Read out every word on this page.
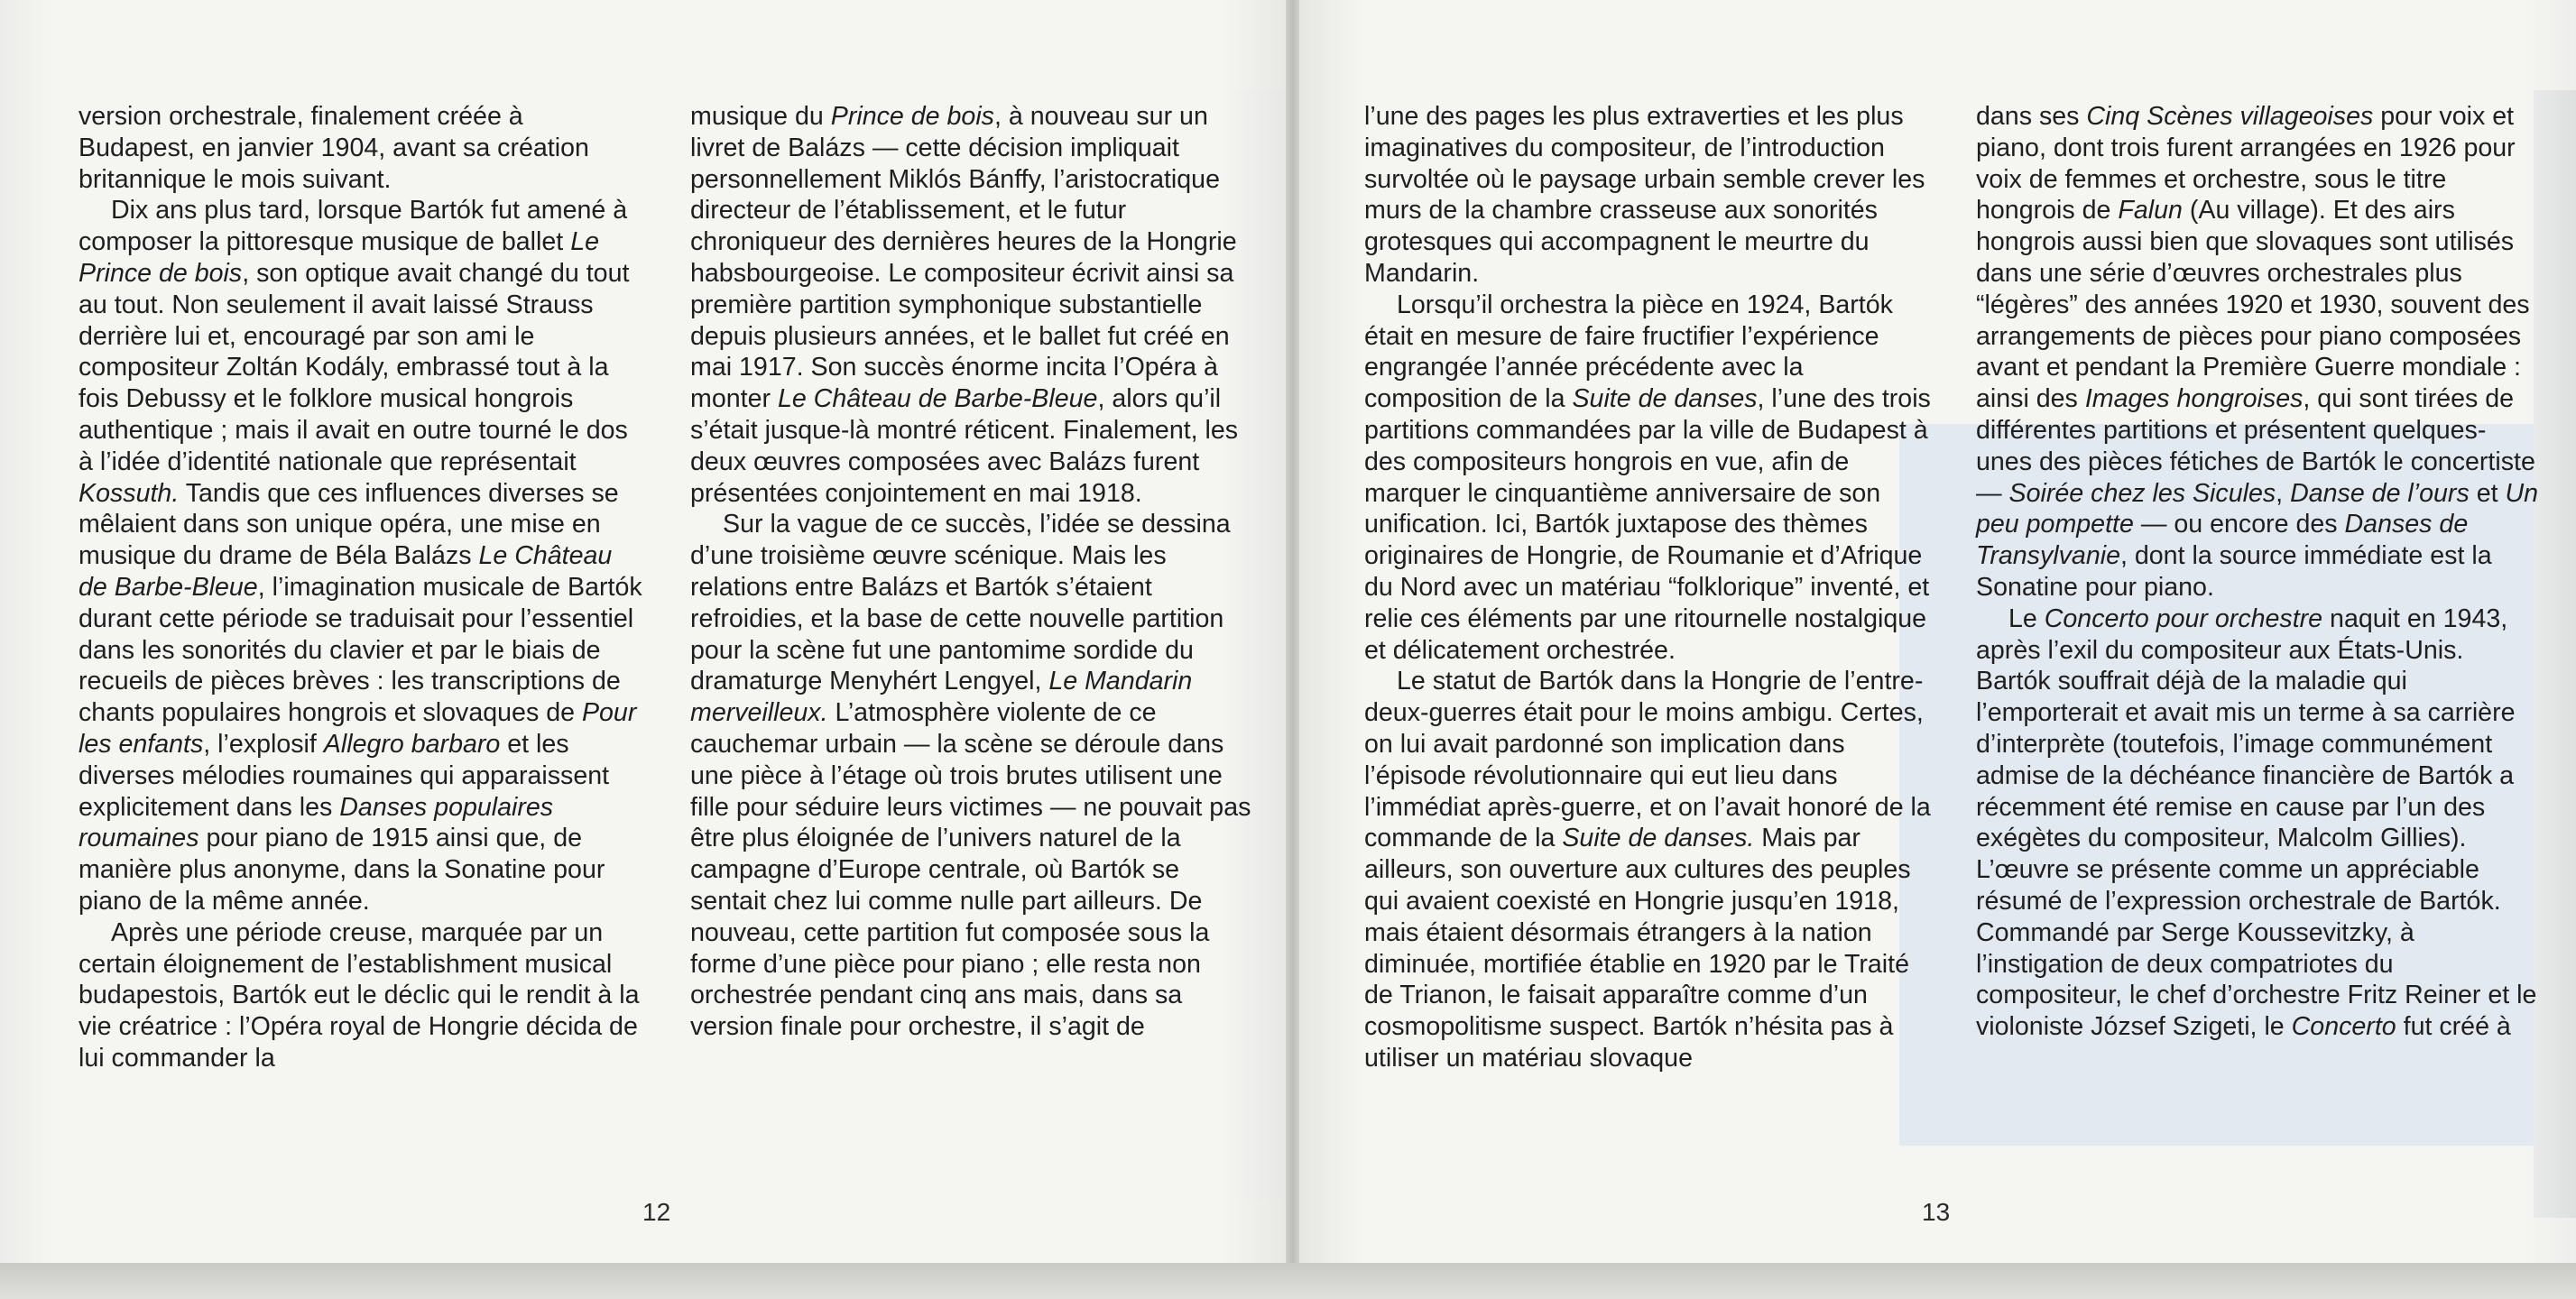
version orchestrale, finalement créée à Budapest, en janvier 1904, avant sa création britannique le mois suivant.

Dix ans plus tard, lorsque Bartók fut amené à composer la pittoresque musique de ballet Le Prince de bois, son optique avait changé du tout au tout. Non seulement il avait laissé Strauss derrière lui et, encouragé par son ami le compositeur Zoltán Kodály, embrassé tout à la fois Debussy et le folklore musical hongrois authentique ; mais il avait en outre tourné le dos à l’idée d’identité nationale que représentait Kossuth. Tandis que ces influences diverses se mêlaient dans son unique opéra, une mise en musique du drame de Béla Balázs Le Château de Barbe-Bleue, l’imagination musicale de Bartók durant cette période se traduisait pour l’essentiel dans les sonorités du clavier et par le biais de recueils de pièces brèves : les transcriptions de chants populaires hongrois et slovaques de Pour les enfants, l’explosif Allegro barbaro et les diverses mélodies roumaines qui apparaissent explicitement dans les Danses populaires roumaines pour piano de 1915 ainsi que, de manière plus anonyme, dans la Sonatine pour piano de la même année.

Après une période creuse, marquée par un certain éloignement de l’establishment musical budapestois, Bartók eut le déclic qui le rendit à la vie créatrice : l’Opéra royal de Hongrie décida de lui commander la

musique du Prince de bois, à nouveau sur un livret de Balázs — cette décision impliquait personnellement Miklós Bánffy, l’aristocratique directeur de l’établissement, et le futur chroniqueur des dernières heures de la Hongrie habsbourgeoise. Le compositeur écrivit ainsi sa première partition symphonique substantielle depuis plusieurs années, et le ballet fut créé en mai 1917. Son succès énorme incita l’Opéra à monter Le Château de Barbe-Bleue, alors qu’il s’était jusque-là montré réticent. Finalement, les deux œuvres composées avec Balázs furent présentées conjointement en mai 1918.

Sur la vague de ce succès, l’idée se dessina d’une troisième œuvre scénique. Mais les relations entre Balázs et Bartók s’étaient refroidies, et la base de cette nouvelle partition pour la scène fut une pantomime sordide du dramaturge Menyhért Lengyel, Le Mandarin merveilleux. L’atmosphère violente de ce cauchemar urbain — la scène se déroule dans une pièce à l’étage où trois brutes utilisent une fille pour séduire leurs victimes — ne pouvait pas être plus éloignée de l’univers naturel de la campagne d’Europe centrale, où Bartók se sentait chez lui comme nulle part ailleurs. De nouveau, cette partition fut composée sous la forme d’une pièce pour piano ; elle resta non orchestrée pendant cinq ans mais, dans sa version finale pour orchestre, il s’agit de

l’une des pages les plus extraverties et les plus imaginatives du compositeur, de l’introduction survoltée où le paysage urbain semble crever les murs de la chambre crasseuse aux sonorités grotesques qui accompagnent le meurtre du Mandarin.

Lorsqu’il orchestra la pièce en 1924, Bartók était en mesure de faire fructifier l’expérience engrangée l’année précédente avec la composition de la Suite de danses, l’une des trois partitions commandées par la ville de Budapest à des compositeurs hongrois en vue, afin de marquer le cinquantième anniversaire de son unification. Ici, Bartók juxtapose des thèmes originaires de Hongrie, de Roumanie et d’Afrique du Nord avec un matériau “folklorique” inventé, et relie ces éléments par une ritournelle nostalgique et délicatement orchestrée.

Le statut de Bartók dans la Hongrie de l’entre-deux-guerres était pour le moins ambigu. Certes, on lui avait pardonné son implication dans l’épisode révolutionnaire qui eut lieu dans l’immédiat après-guerre, et on l’avait honoré de la commande de la Suite de danses. Mais par ailleurs, son ouverture aux cultures des peuples qui avaient coexisté en Hongrie jusqu’en 1918, mais étaient désormais étrangers à la nation diminuée, mortifiée établie en 1920 par le Traité de Trianon, le faisait apparaître comme d’un cosmopolitisme suspect. Bartók n’hésita pas à utiliser un matériau slovaque

dans ses Cinq Scènes villageoises pour voix et piano, dont trois furent arrangées en 1926 pour voix de femmes et orchestre, sous le titre hongrois de Falun (Au village). Et des airs hongrois aussi bien que slovaques sont utilisés dans une série d’œuvres orchestrales plus “légères” des années 1920 et 1930, souvent des arrangements de pièces pour piano composées avant et pendant la Première Guerre mondiale : ainsi des Images hongroises, qui sont tirées de différentes partitions et présentent quelques-unes des pièces fétiches de Bartók le concertiste — Soirée chez les Sicules, Danse de l’ours et Un peu pompette — ou encore des Danses de Transylvanie, dont la source immédiate est la Sonatine pour piano.

Le Concerto pour orchestre naquit en 1943, après l’exil du compositeur aux États-Unis. Bartók souffrait déjà de la maladie qui l’emporterait et avait mis un terme à sa carrière d’interprète (toutefois, l’image communément admise de la déchéance financière de Bartók a récemment été remise en cause par l’un des exégètes du compositeur, Malcolm Gillies). L’œuvre se présente comme un appréciable résumé de l’expression orchestrale de Bartók. Commandé par Serge Koussevitzky, à l’instigation de deux compatriotes du compositeur, le chef d’orchestre Fritz Reiner et le violoniste József Szigeti, le Concerto fut créé à

12	13
